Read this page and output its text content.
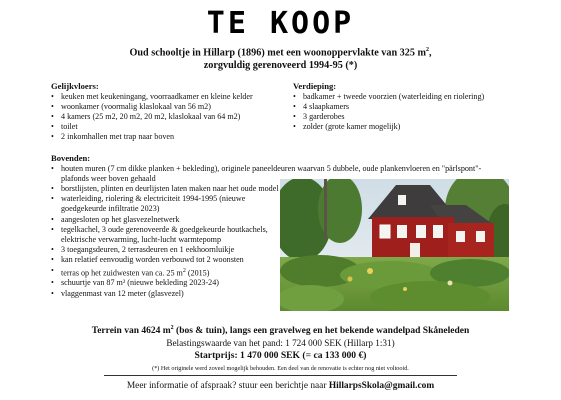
TE KOOP
Oud schooltje in Hillarp (1896) met een woonoppervlakte van 325 $m^2$,
zorgvuldig gerenoveerd 1994-95 (*)
Gelijkvloers:
• keuken met keukeningang, voorraadkamer en kleine kelder
• woonkamer (voormalig klaslokaal van 56 m2)
• 4 kamers (25 m2, 20 m2, 20 m2, klaslokaal van 64 m2)
• toilet
• 2 inkomhallen met trap naar boven
Verdieping:
• badkamer + tweede voorzien (waterleiding en riolering)
• 4 slaapkamers
• 3 garderobes
• zolder (grote kamer mogelijk)
Bovenden:
• houten muren (7 cm dikke planken + bekleding), originele paneeldeuren waarvan 5 dubbele, oude plankenvloeren en "pärlspont"-plafonds weer boven gehaald
• borstlijsten, plinten en deurlijsten laten maken naar het oude model
• waterleiding, riolering & electriciteit 1994-1995 (nieuwe goedgekeurde infiltratie 2023)
• aangesloten op het glasvezelnetwerk
• tegelkachel, 3 oude gerenoveerde & goedgekeurde houtkachels, elektrische verwarming, lucht-lucht warmtepomp
• 3 toegangsdeuren, 2 terrasdeuren en 1 eekhoornluikje
• kan relatief eenvoudig worden verbouwd tot 2 woonsten
• terras op het zuidwesten van ca. 25 $m^2$ (2015)
• schuurtje van 87 m² (nieuwe bekleding 2023-24)
• vlaggenmast van 12 meter (glasvezel)
Terrein van 4624 $m^2$ (bos & tuin), langs een gravelweg en het bekende wandelpad Skåneleden
Belastingswaarde van het pand: 1 724 000 SEK (Hillarp 1:31)
Startprijs: 1 470 000 SEK (= ca 133 000 €)
(*) Het originele werd zoveel mogelijk behouden. Een deel van de renovatie is echter nog niet voltooid.
Meer informatie of afspraak? stuur een berichtje naar HillarpsSkola@gmail.com
